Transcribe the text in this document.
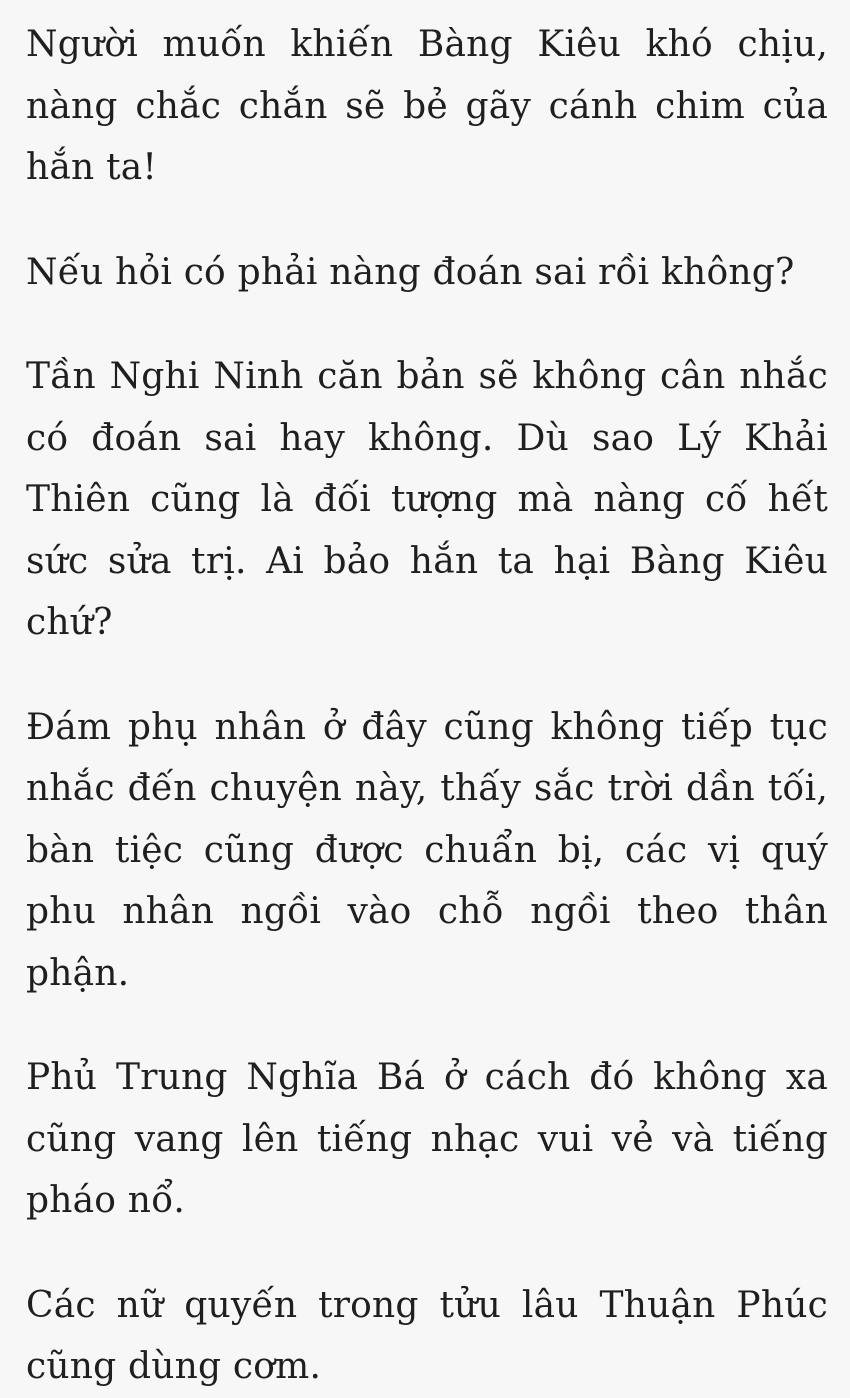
Người muốn khiến Bàng Kiêu khó chịu, nàng chắc chắn sẽ bẻ gãy cánh chim của hắn ta!

Nếu hỏi có phải nàng đoán sai rồi không?

Tần Nghi Ninh căn bản sẽ không cân nhắc có đoán sai hay không. Dù sao Lý Khải Thiên cũng là đối tượng mà nàng cố hết sức sửa trị. Ai bảo hắn ta hại Bàng Kiêu chứ?

Đám phụ nhân ở đây cũng không tiếp tục nhắc đến chuyện này, thấy sắc trời dần tối, bàn tiệc cũng được chuẩn bị, các vị quý phu nhân ngồi vào chỗ ngồi theo thân phận.

Phủ Trung Nghĩa Bá ở cách đó không xa cũng vang lên tiếng nhạc vui vẻ và tiếng pháo nổ.

Các nữ quyến trong tửu lâu Thuận Phúc cũng dùng cơm.
